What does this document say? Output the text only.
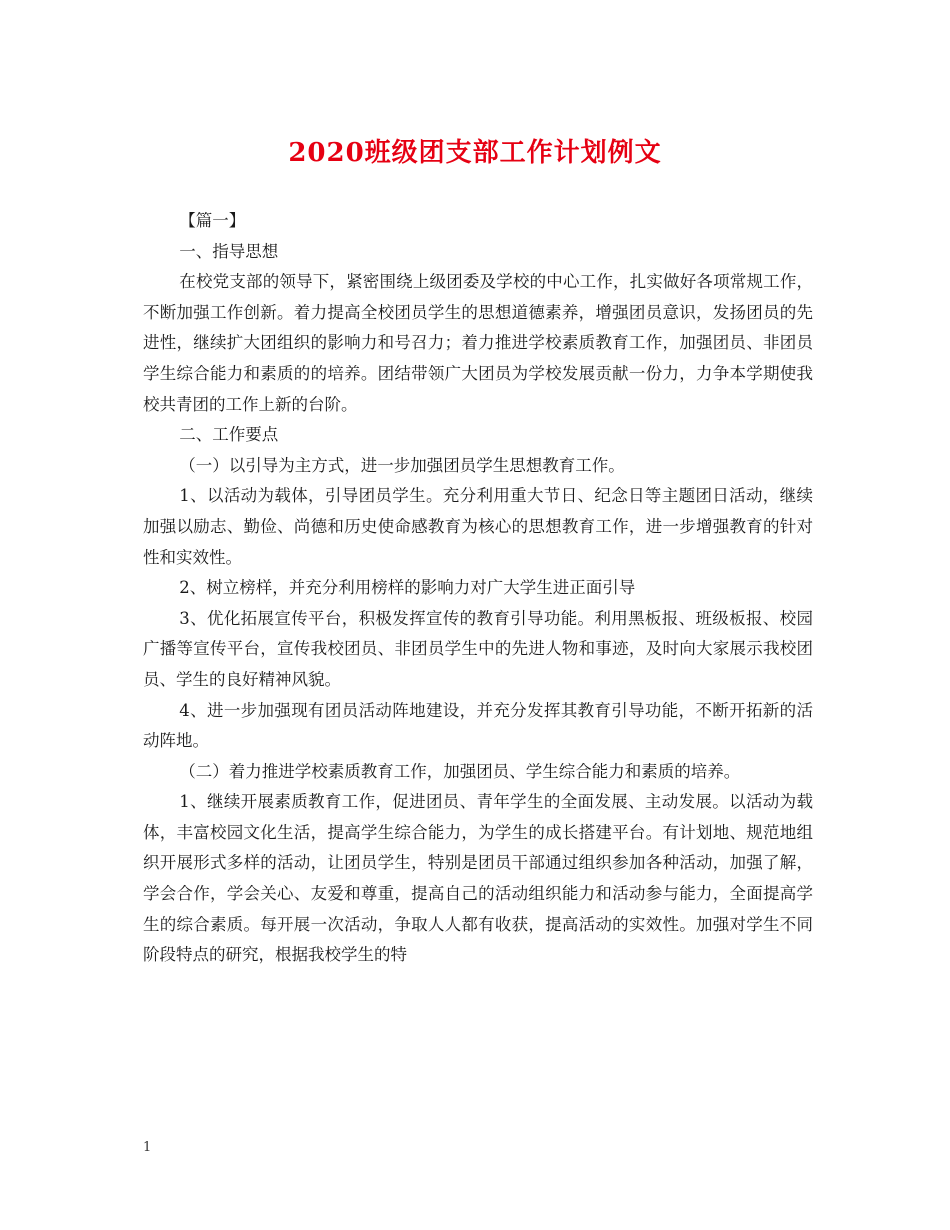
2020班级团支部工作计划例文

【篇一】

一、指导思想

在校党支部的领导下，紧密围绕上级团委及学校的中心工作，扎实做好各项常规工作，不断加强工作创新。着力提高全校团员学生的思想道德素养，增强团员意识，发扬团员的先进性，继续扩大团组织的影响力和号召力；着力推进学校素质教育工作，加强团员、非团员学生综合能力和素质的的培养。团结带领广大团员为学校发展贡献一份力，力争本学期使我校共青团的工作上新的台阶。

二、工作要点

（一）以引导为主方式，进一步加强团员学生思想教育工作。

1、以活动为载体，引导团员学生。充分利用重大节日、纪念日等主题团日活动，继续加强以励志、勤俭、尚德和历史使命感教育为核心的思想教育工作，进一步增强教育的针对性和实效性。

2、树立榜样，并充分利用榜样的影响力对广大学生进正面引导

3、优化拓展宣传平台，积极发挥宣传的教育引导功能。利用黑板报、班级板报、校园广播等宣传平台，宣传我校团员、非团员学生中的先进人物和事迹，及时向大家展示我校团员、学生的良好精神风貌。

4、进一步加强现有团员活动阵地建设，并充分发挥其教育引导功能，不断开拓新的活动阵地。

（二）着力推进学校素质教育工作，加强团员、学生综合能力和素质的培养。

1、继续开展素质教育工作，促进团员、青年学生的全面发展、主动发展。以活动为载体，丰富校园文化生活，提高学生综合能力，为学生的成长搭建平台。有计划地、规范地组织开展形式多样的活动，让团员学生，特别是团员干部通过组织参加各种活动，加强了解，学会合作，学会关心、友爱和尊重，提高自己的活动组织能力和活动参与能力，全面提高学生的综合素质。每开展一次活动，争取人人都有收获，提高活动的实效性。加强对学生不同阶段特点的研究，根据我校学生的特

1
